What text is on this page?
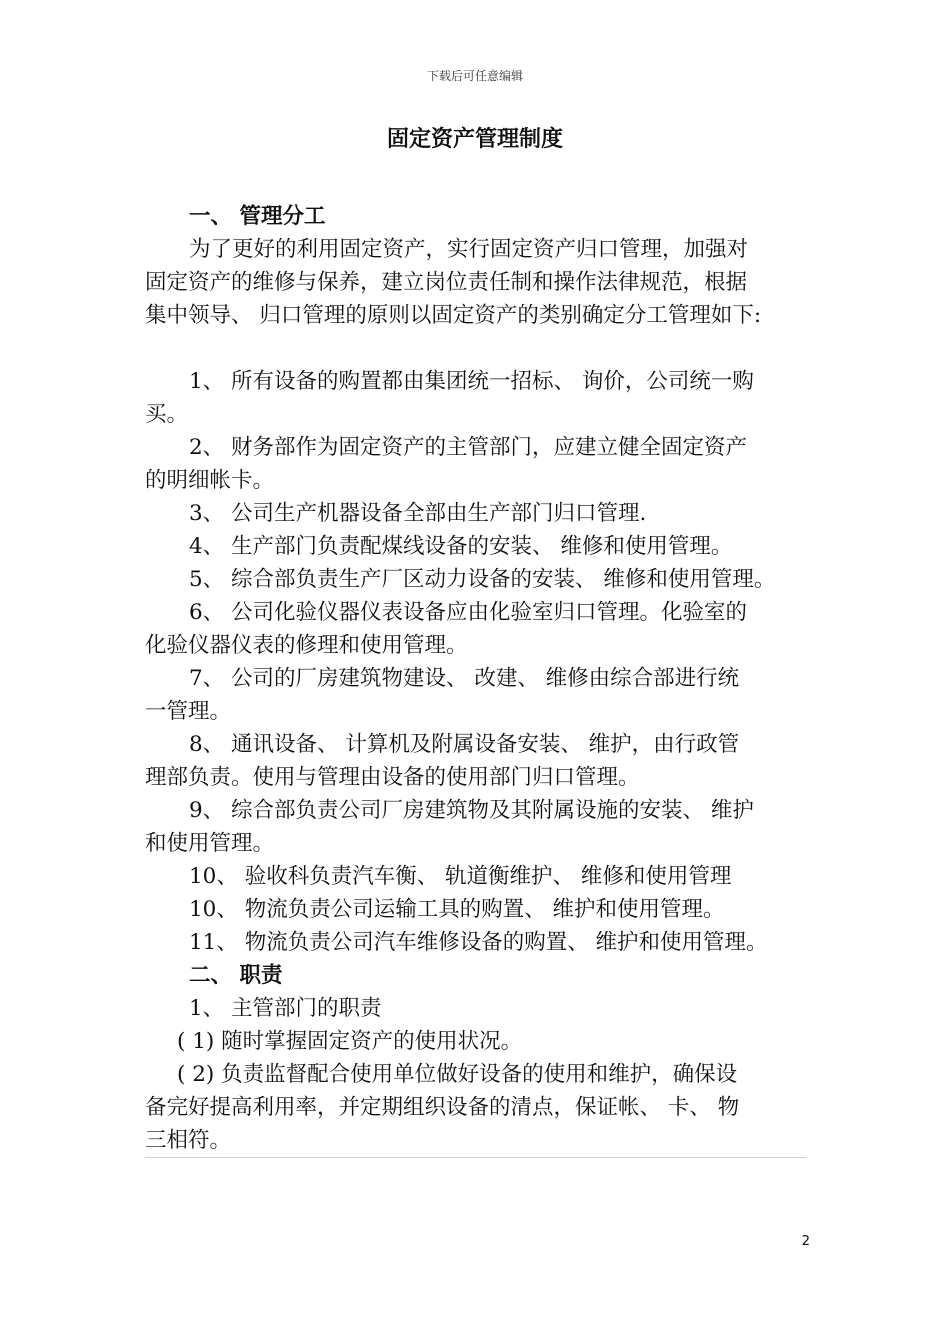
下载后可任意编辑
固定资产管理制度
一、 管理分工
为了更好的利用固定资产，实行固定资产归口管理，加强对
固定资产的维修与保养，建立岗位责任制和操作法律规范，根据
集中领导、 归口管理的原则以固定资产的类别确定分工管理如下:
1、 所有设备的购置都由集团统一招标、 询价，公司统一购
买。
2、 财务部作为固定资产的主管部门，应建立健全固定资产
的明细帐卡。
3、 公司生产机器设备全部由生产部门归口管理.
4、 生产部门负责配煤线设备的安装、 维修和使用管理。
5、 综合部负责生产厂区动力设备的安装、 维修和使用管理。
6、 公司化验仪器仪表设备应由化验室归口管理。化验室的
化验仪器仪表的修理和使用管理。
7、 公司的厂房建筑物建设、 改建、 维修由综合部进行统
一管理。
8、 通讯设备、 计算机及附属设备安装、 维护，由行政管
理部负责。使用与管理由设备的使用部门归口管理。
9、 综合部负责公司厂房建筑物及其附属设施的安装、 维护
和使用管理。
10、 验收科负责汽车衡、 轨道衡维护、 维修和使用管理
10、 物流负责公司运输工具的购置、 维护和使用管理。
11、 物流负责公司汽车维修设备的购置、 维护和使用管理。
二、 职责
1、 主管部门的职责
( 1) 随时掌握固定资产的使用状况。
( 2) 负责监督配合使用单位做好设备的使用和维护，确保设
备完好提高利用率，并定期组织设备的清点，保证帐、 卡、 物
三相符。
2
